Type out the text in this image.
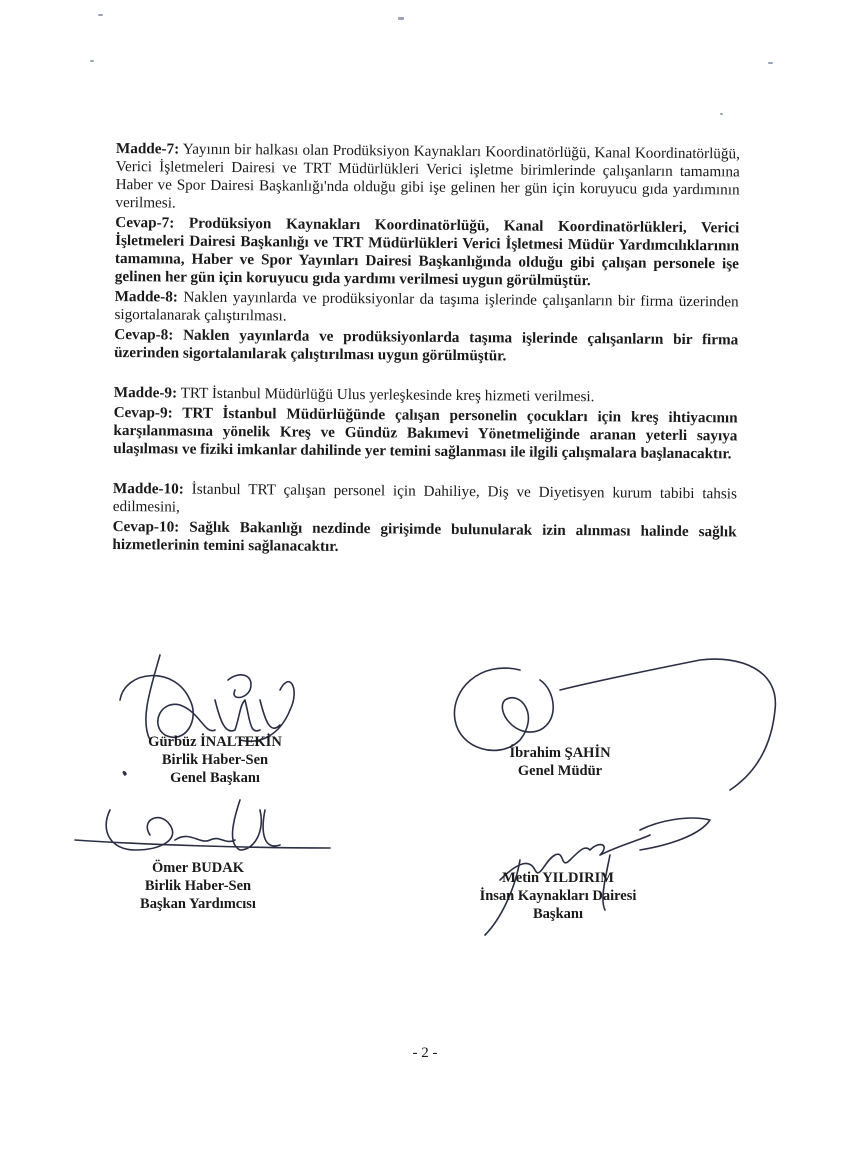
Madde-7: Yayının bir halkası olan Prodüksiyon Kaynakları Koordinatörlüğü, Kanal Koordinatörlüğü, Verici İşletmeleri Dairesi ve TRT Müdürlükleri Verici işletme birimlerinde çalışanların tamamına Haber ve Spor Dairesi Başkanlığı'nda olduğu gibi işe gelinen her gün için koruyucu gıda yardımının verilmesi.

Cevap-7: Prodüksiyon Kaynakları Koordinatörlüğü, Kanal Koordinatörlükleri, Verici İşletmeleri Dairesi Başkanlığı ve TRT Müdürlükleri Verici İşletmesi Müdür Yardımcılıklarının tamamına, Haber ve Spor Yayınları Dairesi Başkanlığında olduğu gibi çalışan personele işe gelinen her gün için koruyucu gıda yardımı verilmesi uygun görülmüştür.

Madde-8: Naklen yayınlarda ve prodüksiyonlar da taşıma işlerinde çalışanların bir firma üzerinden sigortalanarak çalıştırılması.

Cevap-8: Naklen yayınlarda ve prodüksiyonlarda taşıma işlerinde çalışanların bir firma üzerinden sigortalanılarak çalıştırılması uygun görülmüştür.

Madde-9: TRT İstanbul Müdürlüğü Ulus yerleşkesinde kreş hizmeti verilmesi.

Cevap-9: TRT İstanbul Müdürlüğünde çalışan personelin çocukları için kreş ihtiyacının karşılanmasına yönelik Kreş ve Gündüz Bakımevi Yönetmeliğinde aranan yeterli sayıya ulaşılması ve fiziki imkanlar dahilinde yer temini sağlanması ile ilgili çalışmalara başlanacaktır.

Madde-10: İstanbul TRT çalışan personel için Dahiliye, Diş ve Diyetisyen kurum tabibi tahsis edilmesini,

Cevap-10: Sağlık Bakanlığı nezdinde girişimde bulunularak izin alınması halinde sağlık hizmetlerinin temini sağlanacaktır.

Gürbüz İNALTEKİN
Birlik Haber-Sen
Genel Başkanı
İbrahim ŞAHİN
Genel Müdür
Ömer BUDAK
Birlik Haber-Sen
Başkan Yardımcısı
Metin YILDIRIM
İnsan Kaynakları Dairesi
Başkanı
- 2 -
